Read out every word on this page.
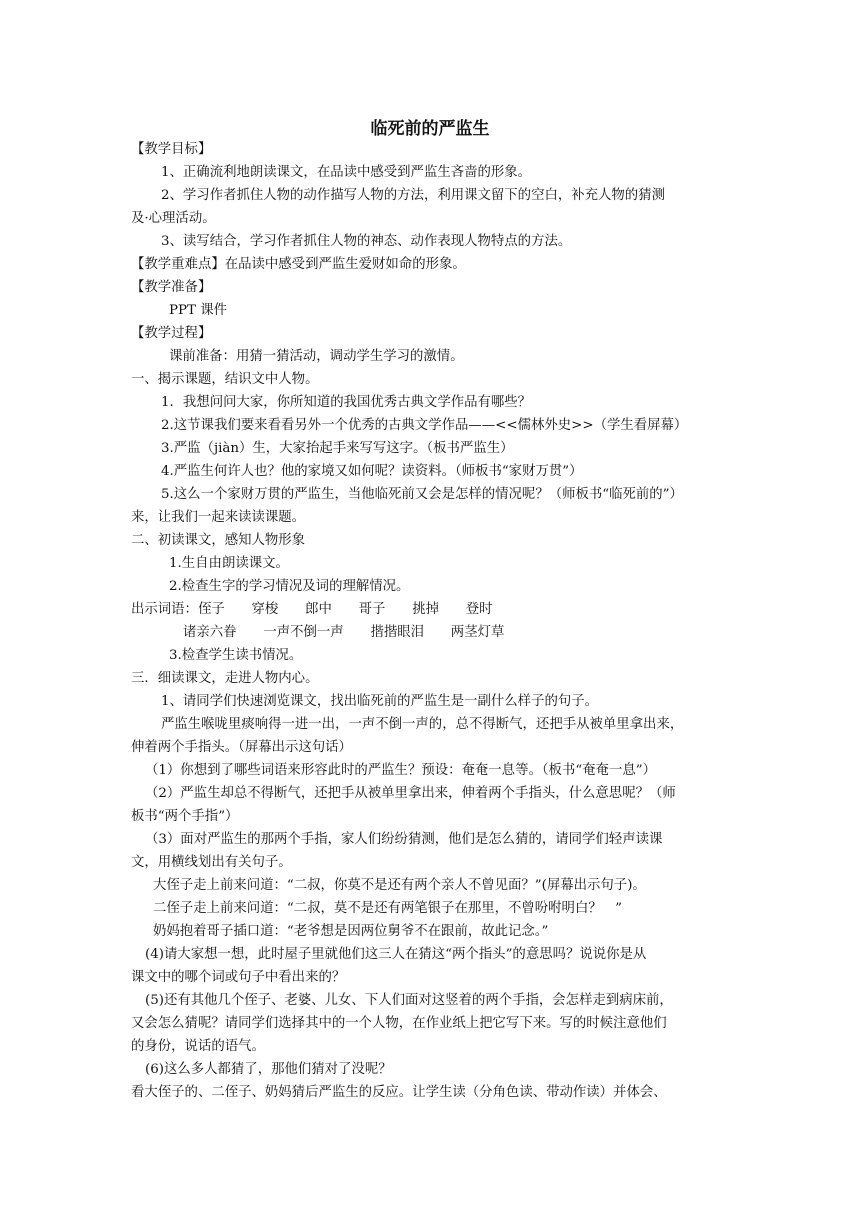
临死前的严监生
【教学目标】
1、正确流利地朗读课文，在品读中感受到严监生吝啬的形象。
2、学习作者抓住人物的动作描写人物的方法，利用课文留下的空白，补充人物的猜测
及·心理活动。
3、读写结合，学习作者抓住人物的神态、动作表现人物特点的方法。
【教学重难点】在品读中感受到严监生爱财如命的形象。
【教学准备】
PPT 课件
【教学过程】
课前准备：用猜一猜活动，调动学生学习的激情。
一、揭示课题，结识文中人物。
1．我想问问大家，你所知道的我国优秀古典文学作品有哪些？
2.这节课我们要来看看另外一个优秀的古典文学作品——<<儒林外史>>（学生看屏幕）
3.严监（jiàn）生，大家抬起手来写写这字。（板书严监生）
4.严监生何许人也？他的家境又如何呢？读资料。（师板书“家财万贯”）
5.这么一个家财万贯的严监生，当他临死前又会是怎样的情况呢？（师板书“临死前的”）
来，让我们一起来读读课题。
二、初读课文，感知人物形象
1.生自由朗读课文。
2.检查生字的学习情况及词的理解情况。
出示词语：侄子　　穿梭　　郎中　　哥子　　挑掉　　登时
诸亲六眷　　一声不倒一声　　揩揩眼泪　　两茎灯草
3.检查学生读书情况。
三．细读课文，走进人物内心。
1、请同学们快速浏览课文，找出临死前的严监生是一副什么样子的句子。
严监生喉咙里痰响得一进一出，一声不倒一声的，总不得断气，还把手从被单里拿出来，
伸着两个手指头。（屏幕出示这句话）
（1）你想到了哪些词语来形容此时的严监生？预设：奄奄一息等。（板书“奄奄一息”）
（2）严监生却总不得断气，还把手从被单里拿出来，伸着两个手指头，什么意思呢？（师
板书“两个手指”）
（3）面对严监生的那两个手指，家人们纷纷猜测，他们是怎么猜的，请同学们轻声读课
文，用横线划出有关句子。
大侄子走上前来问道：“二叔，你莫不是还有两个亲人不曾见面？”(屏幕出示句子)。
二侄子走上前来问道：“二叔，莫不是还有两笔银子在那里，不曾吩咐明白？　”
奶妈抱着哥子插口道：“老爷想是因两位舅爷不在跟前，故此记念。”
(4)请大家想一想，此时屋子里就他们这三人在猜这“两个指头”的意思吗？说说你是从
课文中的哪个词或句子中看出来的？
(5)还有其他几个侄子、老婆、儿女、下人们面对这竖着的两个手指，会怎样走到病床前，
又会怎么猜呢？请同学们选择其中的一个人物，在作业纸上把它写下来。写的时候注意他们
的身份，说话的语气。
(6)这么多人都猜了，那他们猜对了没呢？
看大侄子的、二侄子、奶妈猜后严监生的反应。让学生读（分角色读、带动作读）并体会、
